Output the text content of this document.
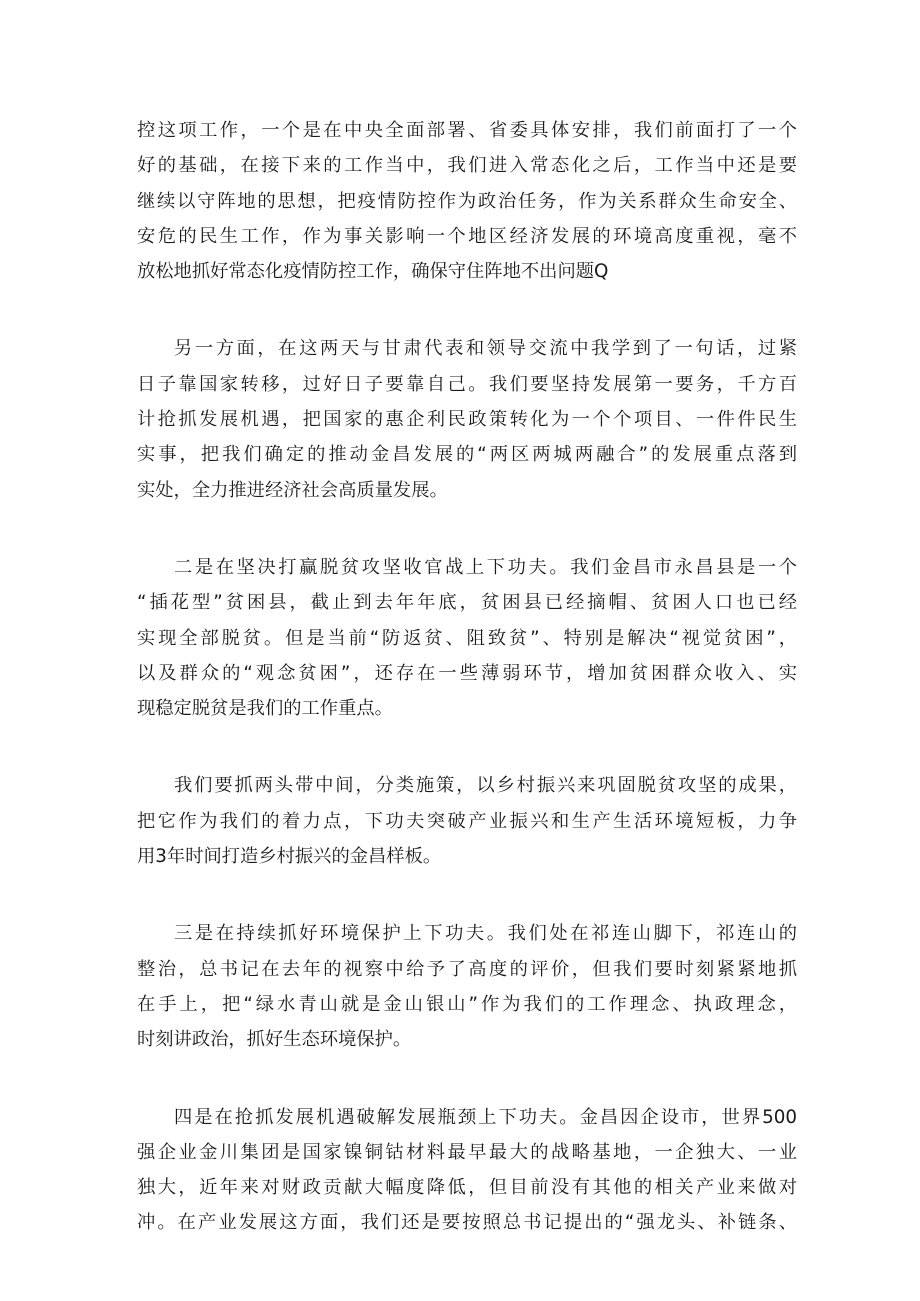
控这项工作，一个是在中央全面部署、省委具体安排，我们前面打了一个
好的基础，在接下来的工作当中，我们进入常态化之后，工作当中还是要
继续以守阵地的思想，把疫情防控作为政治任务，作为关系群众生命安全、
安危的民生工作，作为事关影响一个地区经济发展的环境高度重视，毫不
放松地抓好常态化疫情防控工作，确保守住阵地不出问题Q
另一方面，在这两天与甘肃代表和领导交流中我学到了一句话，过紧
日子靠国家转移，过好日子要靠自己。我们要坚持发展第一要务，千方百
计抢抓发展机遇，把国家的惠企利民政策转化为一个个项目、一件件民生
实事，把我们确定的推动金昌发展的“两区两城两融合”的发展重点落到
实处，全力推进经济社会高质量发展。
二是在坚决打赢脱贫攻坚收官战上下功夫。我们金昌市永昌县是一个
“插花型”贫困县，截止到去年年底，贫困县已经摘帽、贫困人口也已经
实现全部脱贫。但是当前“防返贫、阻致贫”、特别是解决“视觉贫困”，
以及群众的“观念贫困”，还存在一些薄弱环节，增加贫困群众收入、实
现稳定脱贫是我们的工作重点。
我们要抓两头带中间，分类施策，以乡村振兴来巩固脱贫攻坚的成果，
把它作为我们的着力点，下功夫突破产业振兴和生产生活环境短板，力争
用3年时间打造乡村振兴的金昌样板。
三是在持续抓好环境保护上下功夫。我们处在祁连山脚下，祁连山的
整治，总书记在去年的视察中给予了高度的评价，但我们要时刻紧紧地抓
在手上，把“绿水青山就是金山银山”作为我们的工作理念、执政理念，
时刻讲政治，抓好生态环境保护。
四是在抢抓发展机遇破解发展瓶颈上下功夫。金昌因企设市，世界500
强企业金川集团是国家镍铜钴材料最早最大的战略基地，一企独大、一业
独大，近年来对财政贡献大幅度降低，但目前没有其他的相关产业来做对
冲。在产业发展这方面，我们还是要按照总书记提出的“强龙头、补链条、
